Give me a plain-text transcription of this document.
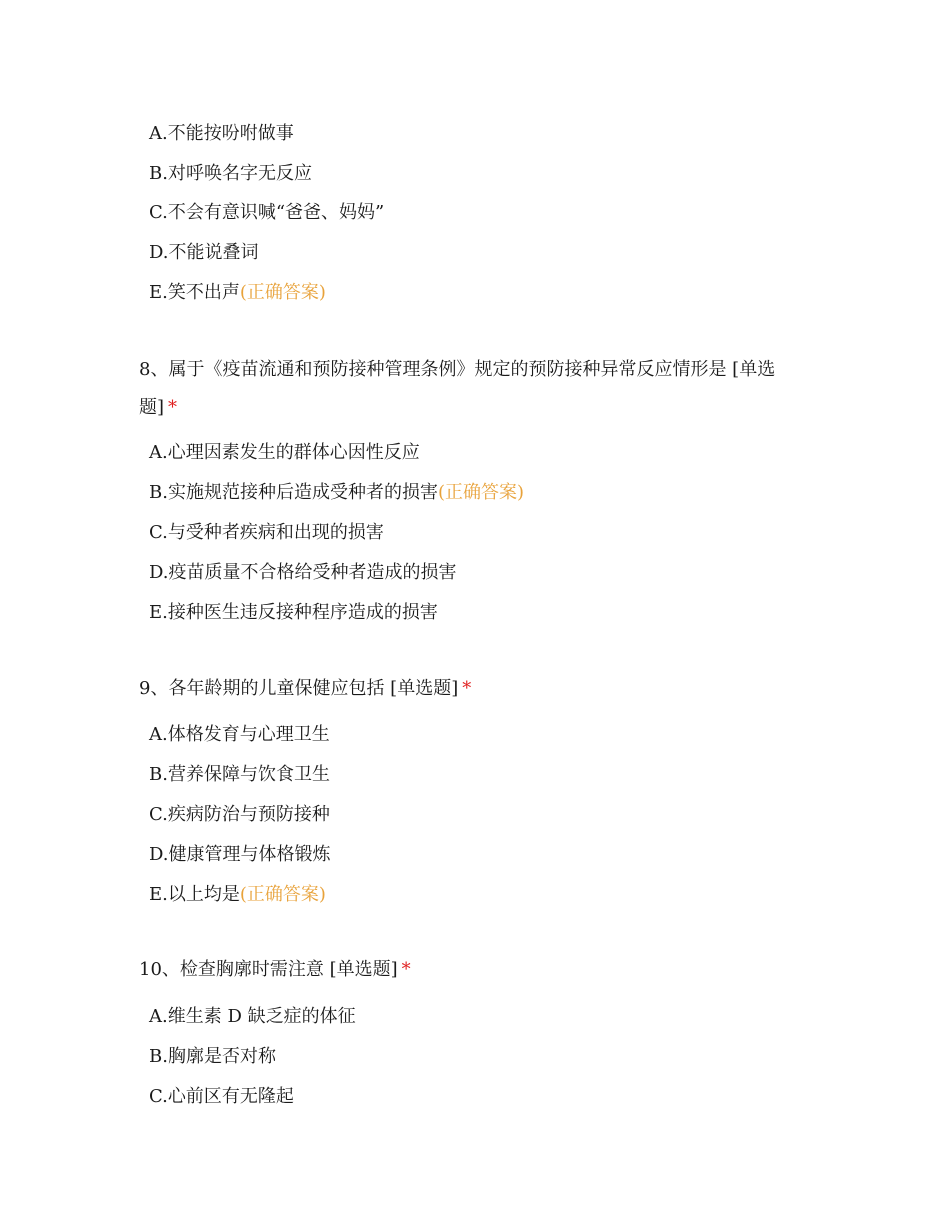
A.不能按吩咐做事
B.对呼唤名字无反应
C.不会有意识喊“爸爸、妈妈”
D.不能说叠词
E.笑不出声(正确答案)

8、属于《疫苗流通和预防接种管理条例》规定的预防接种异常反应情形是 [单选题] *

A.心理因素发生的群体心因性反应
B.实施规范接种后造成受种者的损害(正确答案)
C.与受种者疾病和出现的损害
D.疫苗质量不合格给受种者造成的损害
E.接种医生违反接种程序造成的损害

9、各年龄期的儿童保健应包括 [单选题] *

A.体格发育与心理卫生
B.营养保障与饮食卫生
C.疾病防治与预防接种
D.健康管理与体格锻炼
E.以上均是(正确答案)

10、检查胸廓时需注意 [单选题] *

A.维生素 D 缺乏症的体征
B.胸廓是否对称
C.心前区有无隆起
